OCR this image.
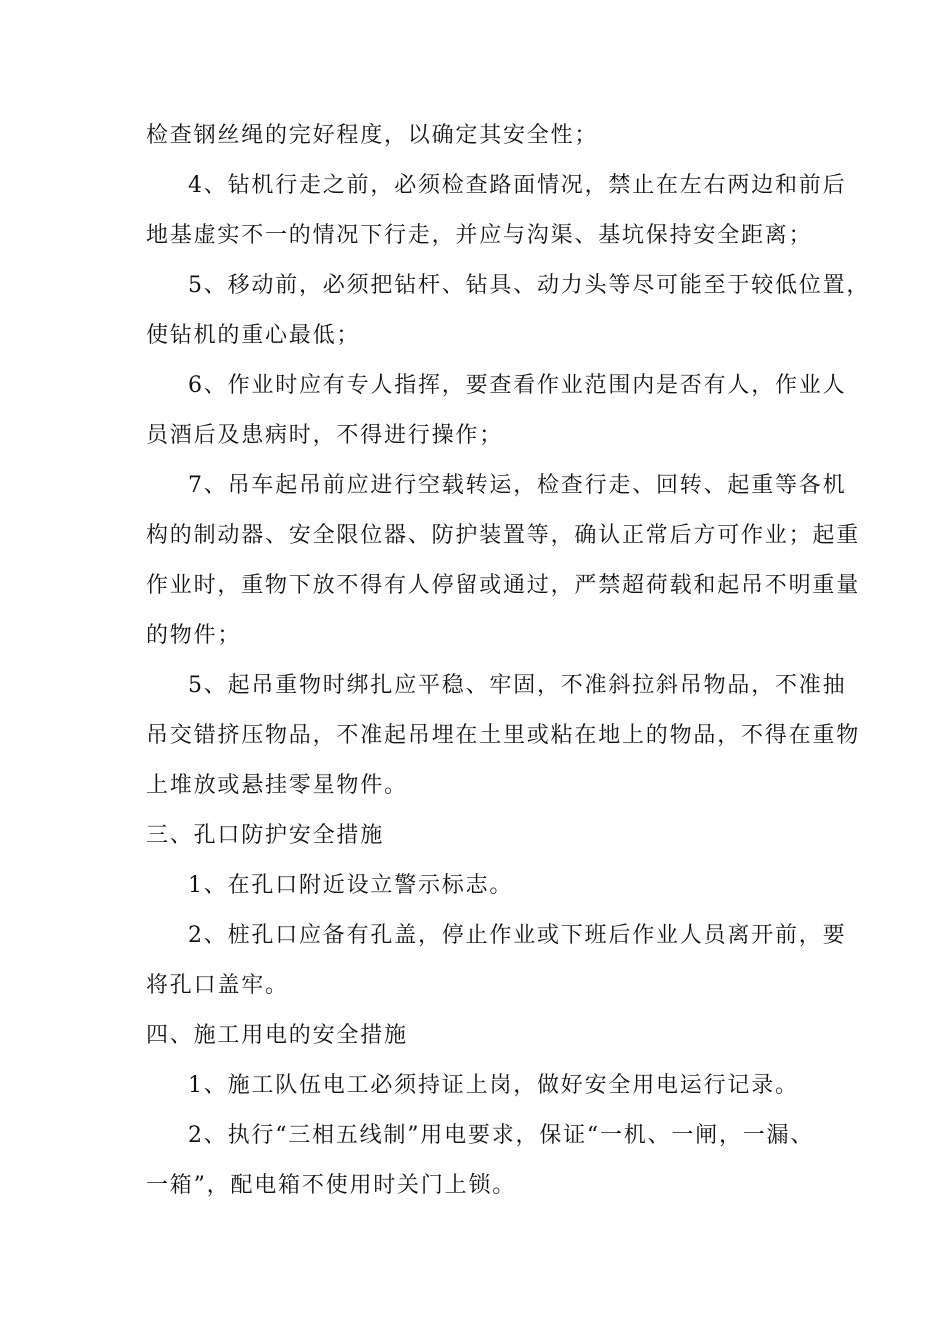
检查钢丝绳的完好程度，以确定其安全性；
4、钻机行走之前，必须检查路面情况，禁止在左右两边和前后
地基虚实不一的情况下行走，并应与沟渠、基坑保持安全距离；
5、移动前，必须把钻杆、钻具、动力头等尽可能至于较低位置，
使钻机的重心最低；
6、作业时应有专人指挥，要查看作业范围内是否有人，作业人
员酒后及患病时，不得进行操作；
7、吊车起吊前应进行空载转运，检查行走、回转、起重等各机
构的制动器、安全限位器、防护装置等，确认正常后方可作业；起重
作业时，重物下放不得有人停留或通过，严禁超荷载和起吊不明重量
的物件；
5、起吊重物时绑扎应平稳、牢固，不准斜拉斜吊物品，不准抽
吊交错挤压物品，不准起吊埋在土里或粘在地上的物品，不得在重物
上堆放或悬挂零星物件。
三、孔口防护安全措施
1、在孔口附近设立警示标志。
2、桩孔口应备有孔盖，停止作业或下班后作业人员离开前，要
将孔口盖牢。
四、施工用电的安全措施
1、施工队伍电工必须持证上岗，做好安全用电运行记录。
2、执行“三相五线制”用电要求，保证“一机、一闸，一漏、
一箱”，配电箱不使用时关门上锁。
